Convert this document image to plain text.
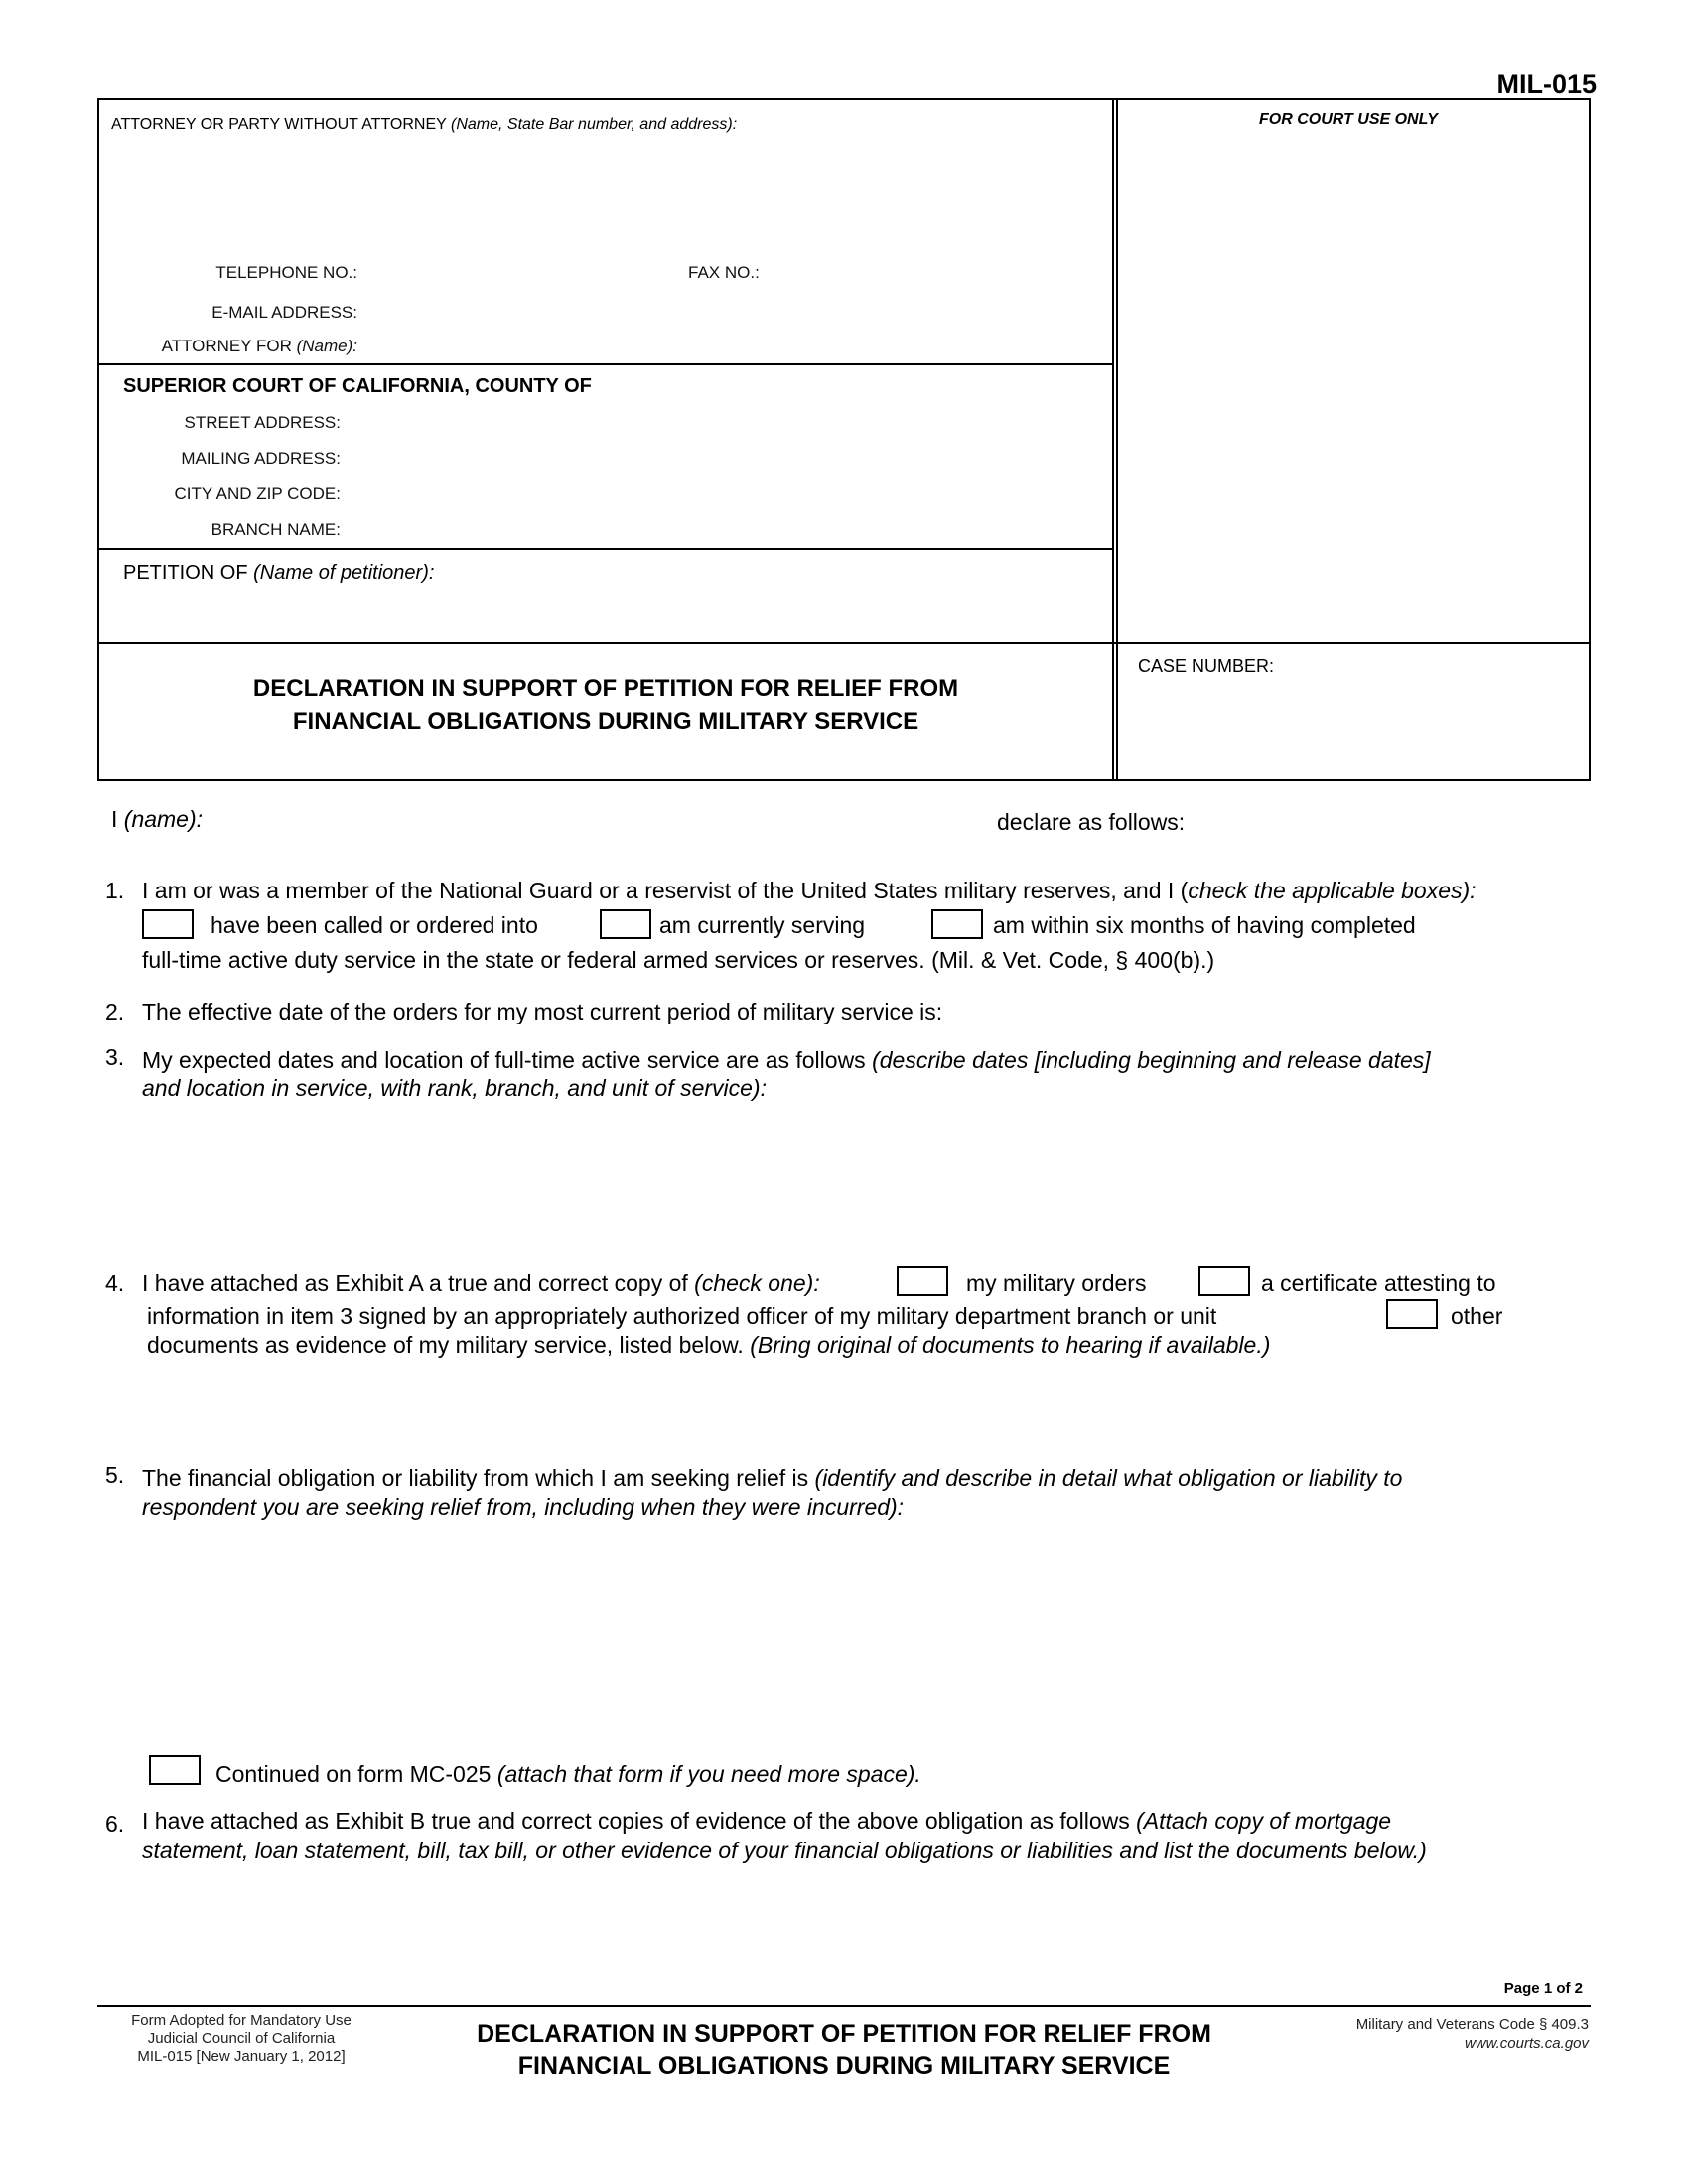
MIL-015
ATTORNEY OR PARTY WITHOUT ATTORNEY (Name, State Bar number, and address):	FOR COURT USE ONLY
TELEPHONE NO.:	FAX NO.:
E-MAIL ADDRESS:
ATTORNEY FOR (Name):
SUPERIOR COURT OF CALIFORNIA, COUNTY OF
STREET ADDRESS:
MAILING ADDRESS:
CITY AND ZIP CODE:
BRANCH NAME:
PETITION OF (Name of petitioner):
DECLARATION IN SUPPORT OF PETITION FOR RELIEF FROM
FINANCIAL OBLIGATIONS DURING MILITARY SERVICE
CASE NUMBER:
I (name):	declare as follows:
1. I am or was a member of the National Guard or a reservist of the United States military reserves, and I (check the applicable boxes):
have been called or ordered into	am currently serving	am within six months of having completed
full-time active duty service in the state or federal armed services or reserves. (Mil. & Vet. Code, § 400(b).)
2. The effective date of the orders for my most current period of military service is:
3. My expected dates and location of full-time active service are as follows (describe dates [including beginning and release dates]
and location in service, with rank, branch, and unit of service):
4. I have attached as Exhibit A a true and correct copy of (check one):	my military orders	a certificate attesting to
information in item 3 signed by an appropriately authorized officer of my military department branch or unit	other
documents as evidence of my military service, listed below. (Bring original of documents to hearing if available.)
5. The financial obligation or liability from which I am seeking relief is (identify and describe in detail what obligation or liability to
respondent you are seeking relief from, including when they were incurred):
Continued on form MC-025 (attach that form if you need more space).
6. I have attached as Exhibit B true and correct copies of evidence of the above obligation as follows (Attach copy of mortgage
statement, loan statement, bill, tax bill, or other evidence of your financial obligations or liabilities and list the documents below.)
Page 1 of 2
Form Adopted for Mandatory Use
Judicial Council of California
MIL-015 [New January 1, 2012]
DECLARATION IN SUPPORT OF PETITION FOR RELIEF FROM
FINANCIAL OBLIGATIONS DURING MILITARY SERVICE
Military and Veterans Code § 409.3
www.courts.ca.gov
